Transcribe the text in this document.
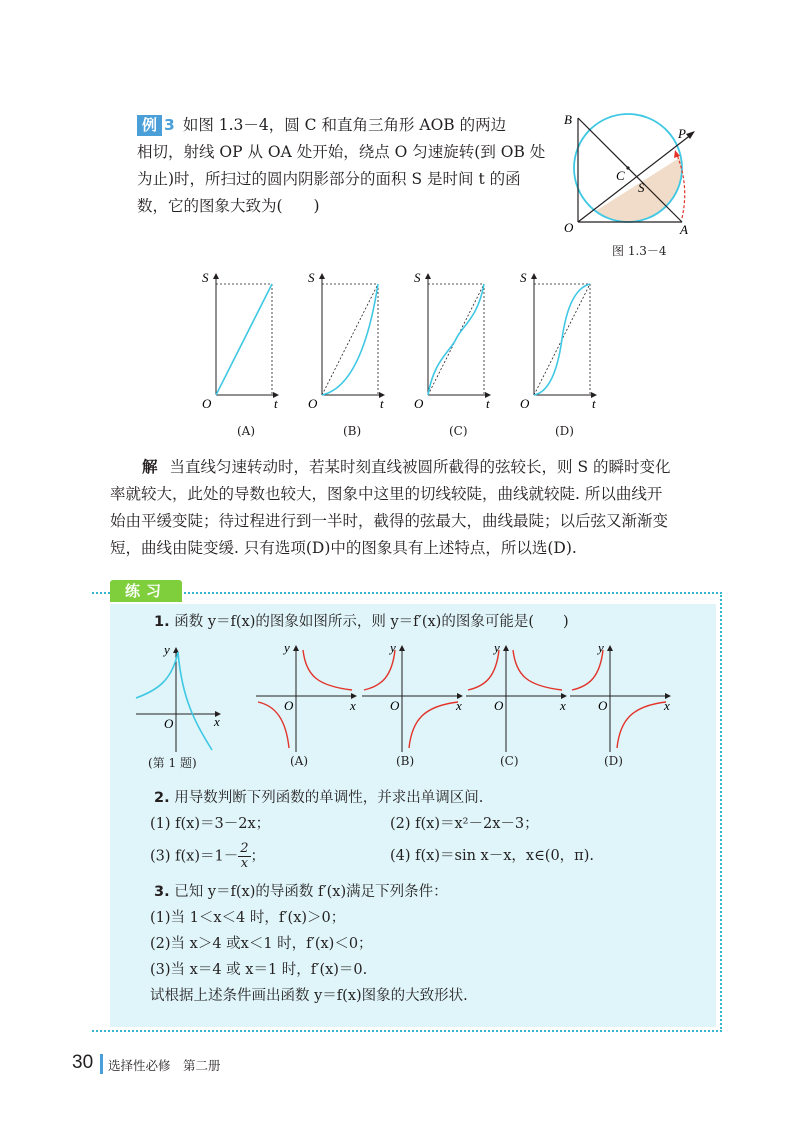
例 3 如图 1.3－4，圆 C 和直角三角形 AOB 的两边
相切，射线 OP 从 OA 处开始，绕点 O 匀速旋转(到 OB 处
为止)时，所扫过的圆内阴影部分的面积 S 是时间 t 的函
数，它的图象大致为(　　)
B
P
C
S
O	A
图 1.3－4
S
t
O
S
t
O
S
t
O
S
t
O
(A)	(B)	(C)	(D)
解 当直线匀速转动时，若某时刻直线被圆所截得的弦较长，则 S 的瞬时变化
率就较大，此处的导数也较大，图象中这里的切线较陡，曲线就较陡. 所以曲线开
始由平缓变陡；待过程进行到一半时，截得的弦最大，曲线最陡；以后弦又渐渐变
短，曲线由陡变缓. 只有选项(D)中的图象具有上述特点，所以选(D).
练习
1. 函数 y＝f(x)的图象如图所示，则 y＝f′(x)的图象可能是(　　)
y
x
O
y
x
O
y
x
O
y
x
O
y
x
O
(第 1 题)	(A)	(B)	(C)	(D)
2. 用导数判断下列函数的单调性，并求出单调区间.
(1) f(x)＝3－2x；	(2) f(x)＝x²－2x－3；
(3) $f(x)=1- \frac{2}{x}$ ；	(4) f(x)＝sin x－x，x∈(0，π).
3. 已知 y＝f(x)的导函数 f′(x)满足下列条件：
(1)当 1＜x＜4 时，f′(x)＞0；
(2)当 x＞4 或x＜1 时，f′(x)＜0；
(3)当 x＝4 或 x＝1 时，f′(x)＝0.
试根据上述条件画出函数 y＝f(x)图象的大致形状.
30 选择性必修　第二册
